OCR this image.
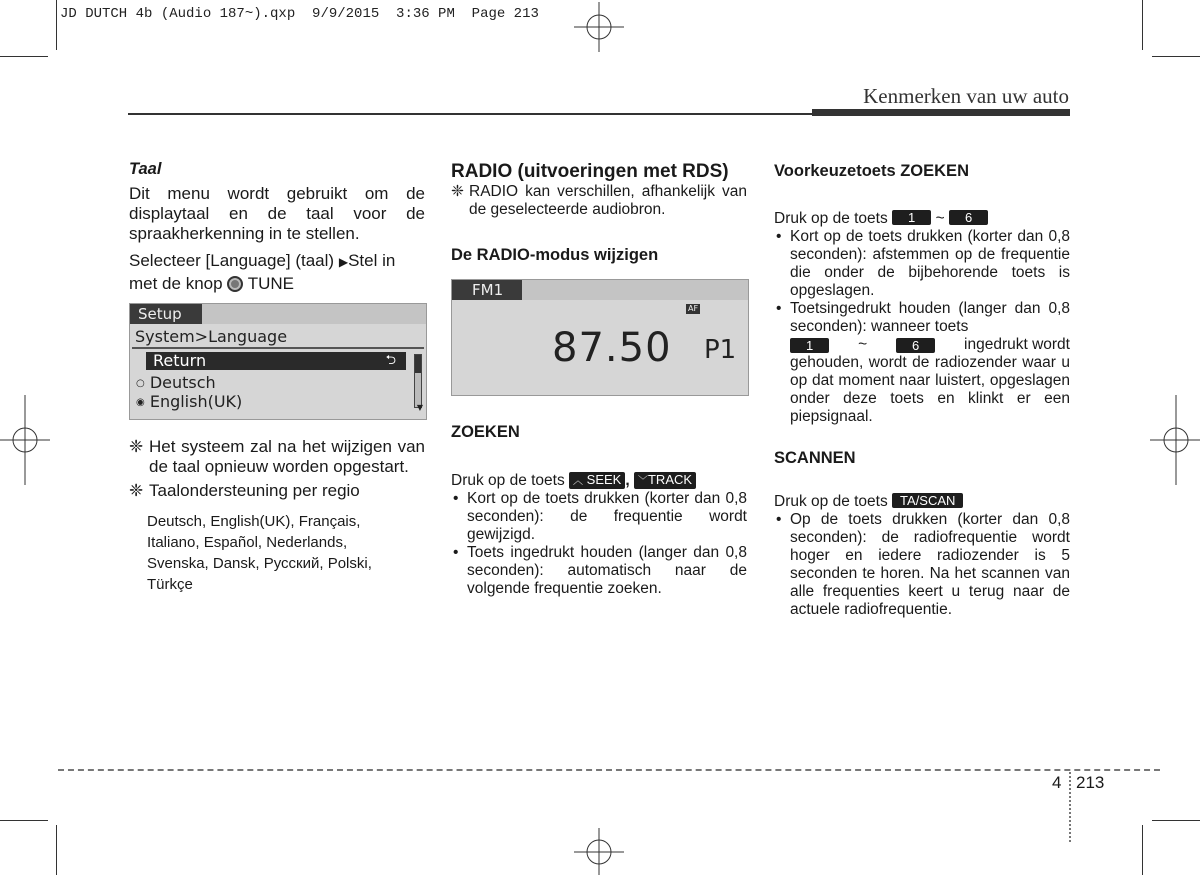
JD DUTCH 4b (Audio 187~).qxp  9/9/2015  3:36 PM  Page 213
Kenmerken van uw auto

Taal

Dit menu wordt gebruikt om de displaytaal en de taal voor de spraakherkenning in te stellen.

Selecteer [Language] (taal) ▶Stel in met de knop TUNE

Setup
System>Language
Return	⮌
○ Deutsch
◉ English(UK)	▼

❈ Het systeem zal na het wijzigen van de taal opnieuw worden opgestart.

❈ Taalondersteuning per regio

Deutsch, English(UK), Français,
Italiano, Español, Nederlands,
Svenska, Dansk, Русский, Polski,
Türkçe
RADIO (uitvoeringen met RDS)

❈ RADIO kan verschillen, afhankelijk van de geselecteerde audiobron.

De RADIO-modus wijzigen
FM1
AF
87.50 P1
ZOEKEN

Druk op de toets ︿ SEEK , ﹀TRACK

• Kort op de toets drukken (korter dan 0,8 seconden): de frequentie wordt gewijzigd.

• Toets ingedrukt houden (langer dan 0,8 seconden): automatisch naar de volgende frequentie zoeken.

Voorkeuzetoets ZOEKEN

Druk op de toets 1 ~ 6

• Kort op de toets drukken (korter dan 0,8 seconden): afstemmen op de frequentie die onder de bijbehorende toets is opgeslagen.

• Toetsingedrukt houden (langer dan 0,8 seconden): wanneer toets
1	~	6	ingedrukt wordt
gehouden, wordt de radiozender waar u op dat moment naar luistert, opgeslagen onder deze toets en klinkt er een piepsignaal.
SCANNEN

Druk op de toets TA/SCAN

• Op de toets drukken (korter dan 0,8 seconden): de radiofrequentie wordt hoger en iedere radiozender is 5 seconden te horen. Na het scannen van alle frequenties keert u terug naar de actuele radiofrequentie.

4 213
